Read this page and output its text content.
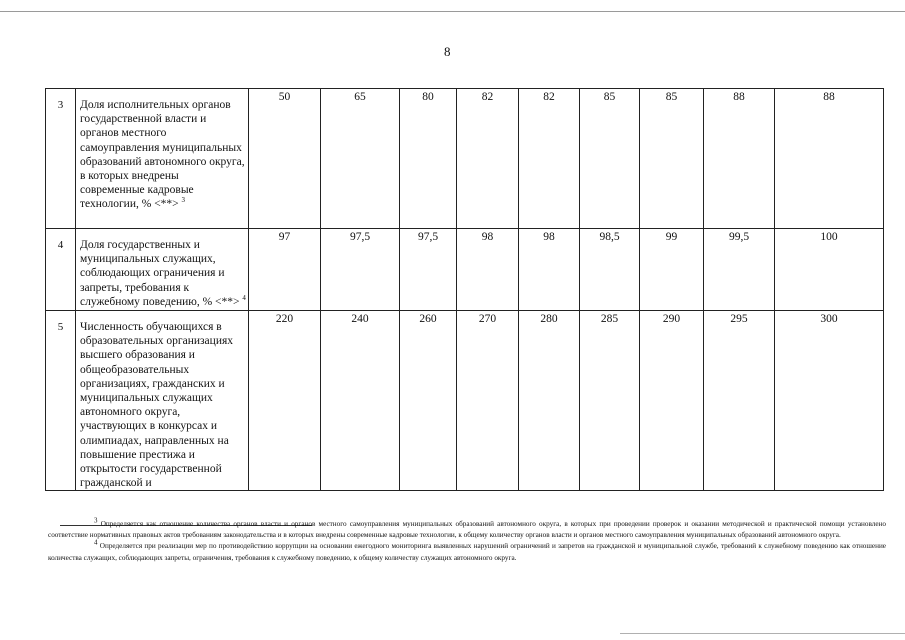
8
3	Доля исполнительных органов государственной власти и органов местного самоуправления муниципальных образований автономного округа, в которых внедрены современные кадровые технологии, % <**> $^3$	50	65	80	82	82	85	85	88	88
4	Доля государственных и муниципальных служащих, соблюдающих ограничения и запреты, требования к служебному поведению, % <**> $^4$	97	97,5	97,5	98	98	98,5	99	99,5	100
5	Численность обучающихся в образовательных организациях высшего образования и общеобразовательных организациях, гражданских и муниципальных служащих автономного округа, участвующих в конкурсах и олимпиадах, направленных на повышение престижа и открытости государственной гражданской и	220	240	260	270	280	285	290	295	300

$^3$ Определяется как отношение количества органов власти и органов местного самоуправления муниципальных образований автономного округа, в которых при проведении проверок и оказании методической и практической помощи установлено соответствие нормативных правовых актов требованиям законодательства и в которых внедрены современные кадровые технологии, к общему количеству органов власти и органов местного самоуправления муниципальных образований автономного округа.

$^4$ Определяется при реализации мер по противодействию коррупции на основании ежегодного мониторинга выявленных нарушений ограничений и запретов на гражданской и муниципальной службе, требований к служебному поведению как отношение количества служащих, соблюдающих запреты, ограничения, требования к служебному поведению, к общему количеству служащих автономного округа.
